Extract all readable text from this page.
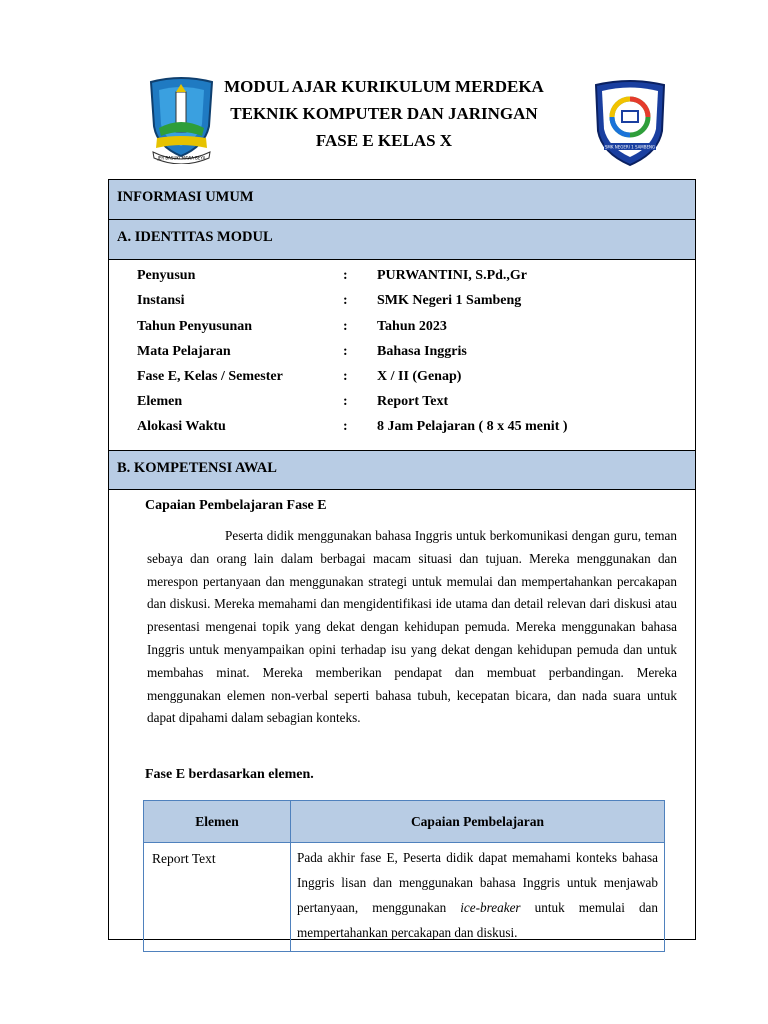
JER BASUKI MAWA BEYA
MODUL AJAR KURIKULUM MERDEKA
TEKNIK KOMPUTER DAN JARINGAN
FASE E KELAS X	SMK NEGERI 1 SAMBENG
INFORMASI UMUM
A. IDENTITAS MODUL
Penyusun	: PURWANTINI, S.Pd.,Gr
Instansi	: SMK Negeri 1 Sambeng
Tahun Penyusunan	: Tahun 2023
Mata Pelajaran	: Bahasa Inggris
Fase E, Kelas / Semester	: X / II (Genap)
Elemen	: Report Text
Alokasi Waktu	: 8 Jam Pelajaran ( 8 x 45 menit )
B. KOMPETENSI AWAL
Capaian Pembelajaran Fase E
Peserta didik menggunakan bahasa Inggris untuk berkomunikasi dengan guru, teman sebaya dan orang lain dalam berbagai macam situasi dan tujuan. Mereka menggunakan dan merespon pertanyaan dan menggunakan strategi untuk memulai dan mempertahankan percakapan dan diskusi. Mereka memahami dan mengidentifikasi ide utama dan detail relevan dari diskusi atau presentasi mengenai topik yang dekat dengan kehidupan pemuda. Mereka menggunakan bahasa Inggris untuk menyampaikan opini terhadap isu yang dekat dengan kehidupan pemuda dan untuk membahas minat. Mereka memberikan pendapat dan membuat perbandingan. Mereka menggunakan elemen non-verbal seperti bahasa tubuh, kecepatan bicara, dan nada suara untuk dapat dipahami dalam sebagian konteks.
Fase E berdasarkan elemen.
Elemen	Capaian Pembelajaran
Report Text	Pada akhir fase E, Peserta didik dapat memahami konteks bahasa Inggris lisan dan menggunakan bahasa Inggris untuk menjawab pertanyaan, menggunakan ice-breaker untuk memulai dan mempertahankan percakapan dan diskusi.
